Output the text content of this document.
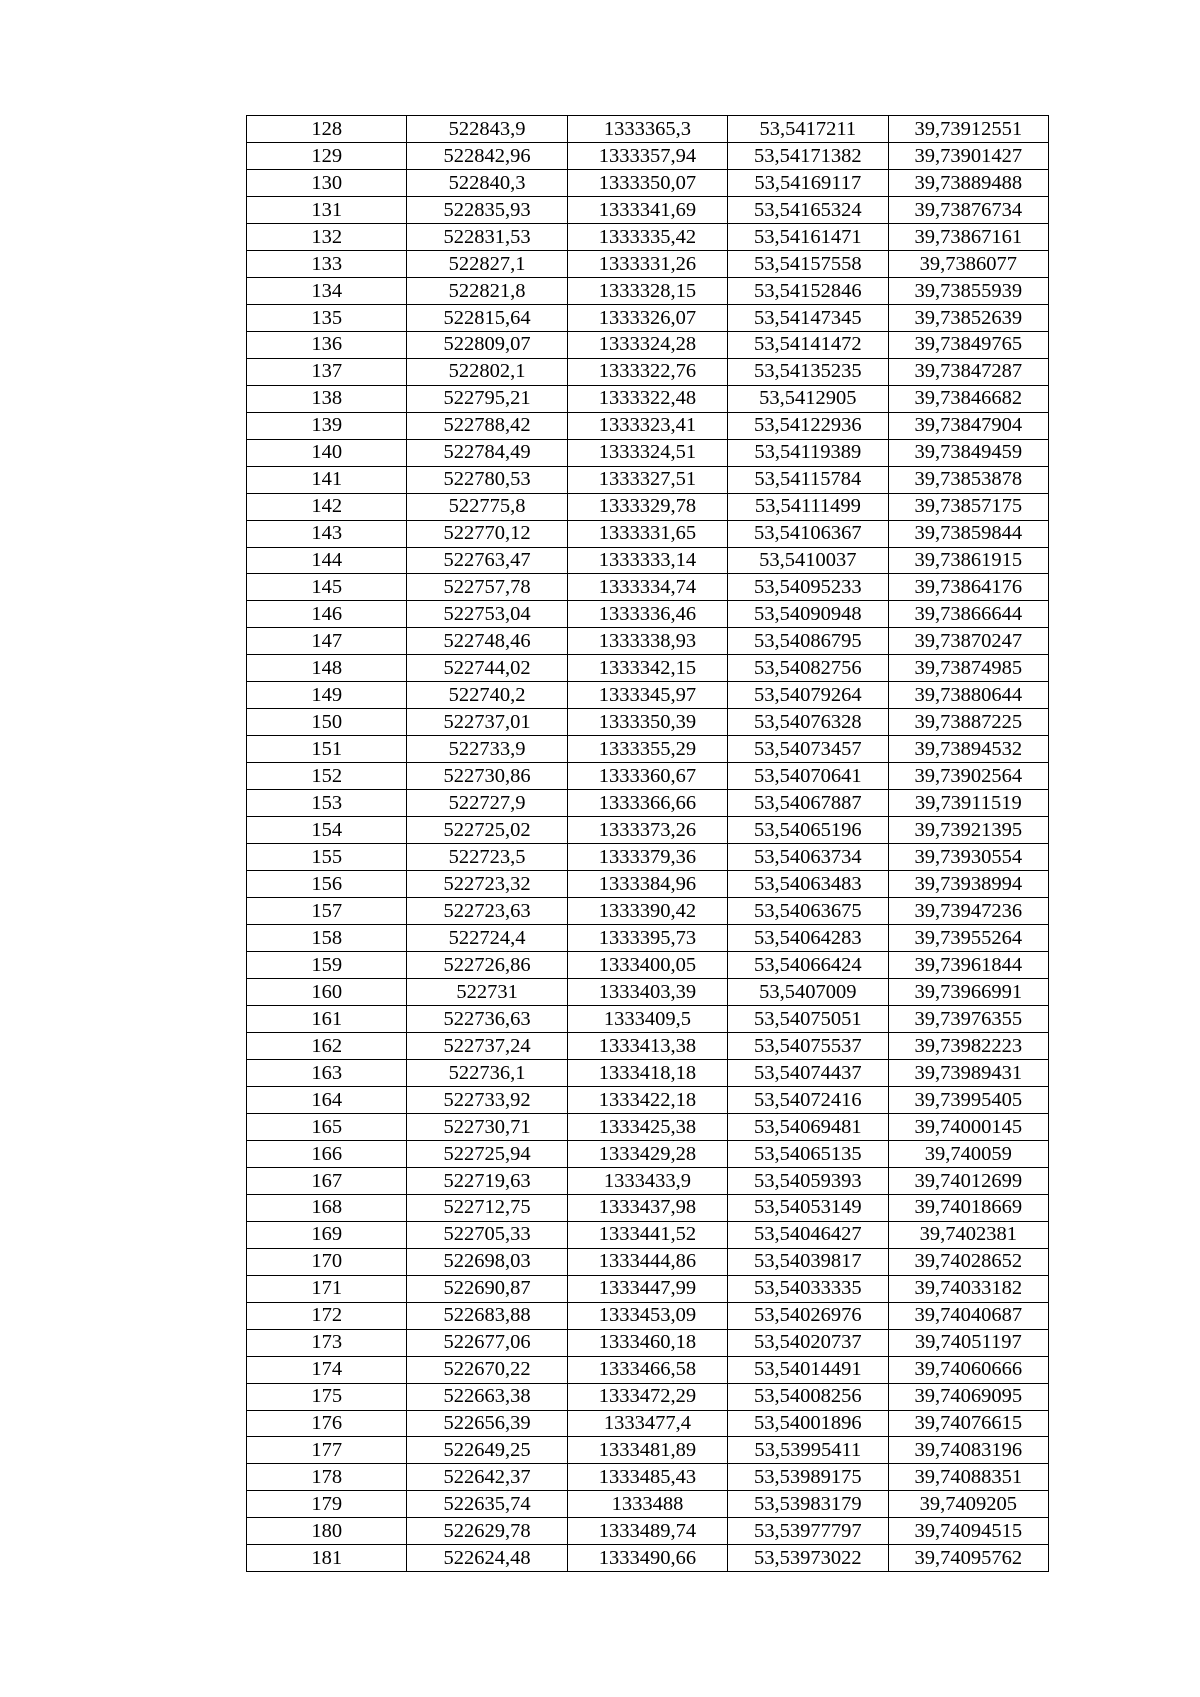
128	522843,9	1333365,3	53,5417211	39,73912551
129	522842,96	1333357,94	53,54171382	39,73901427
130	522840,3	1333350,07	53,54169117	39,73889488
131	522835,93	1333341,69	53,54165324	39,73876734
132	522831,53	1333335,42	53,54161471	39,73867161
133	522827,1	1333331,26	53,54157558	39,7386077
134	522821,8	1333328,15	53,54152846	39,73855939
135	522815,64	1333326,07	53,54147345	39,73852639
136	522809,07	1333324,28	53,54141472	39,73849765
137	522802,1	1333322,76	53,54135235	39,73847287
138	522795,21	1333322,48	53,5412905	39,73846682
139	522788,42	1333323,41	53,54122936	39,73847904
140	522784,49	1333324,51	53,54119389	39,73849459
141	522780,53	1333327,51	53,54115784	39,73853878
142	522775,8	1333329,78	53,54111499	39,73857175
143	522770,12	1333331,65	53,54106367	39,73859844
144	522763,47	1333333,14	53,5410037	39,73861915
145	522757,78	1333334,74	53,54095233	39,73864176
146	522753,04	1333336,46	53,54090948	39,73866644
147	522748,46	1333338,93	53,54086795	39,73870247
148	522744,02	1333342,15	53,54082756	39,73874985
149	522740,2	1333345,97	53,54079264	39,73880644
150	522737,01	1333350,39	53,54076328	39,73887225
151	522733,9	1333355,29	53,54073457	39,73894532
152	522730,86	1333360,67	53,54070641	39,73902564
153	522727,9	1333366,66	53,54067887	39,73911519
154	522725,02	1333373,26	53,54065196	39,73921395
155	522723,5	1333379,36	53,54063734	39,73930554
156	522723,32	1333384,96	53,54063483	39,73938994
157	522723,63	1333390,42	53,54063675	39,73947236
158	522724,4	1333395,73	53,54064283	39,73955264
159	522726,86	1333400,05	53,54066424	39,73961844
160	522731	1333403,39	53,5407009	39,73966991
161	522736,63	1333409,5	53,54075051	39,73976355
162	522737,24	1333413,38	53,54075537	39,73982223
163	522736,1	1333418,18	53,54074437	39,73989431
164	522733,92	1333422,18	53,54072416	39,73995405
165	522730,71	1333425,38	53,54069481	39,74000145
166	522725,94	1333429,28	53,54065135	39,740059
167	522719,63	1333433,9	53,54059393	39,74012699
168	522712,75	1333437,98	53,54053149	39,74018669
169	522705,33	1333441,52	53,54046427	39,7402381
170	522698,03	1333444,86	53,54039817	39,74028652
171	522690,87	1333447,99	53,54033335	39,74033182
172	522683,88	1333453,09	53,54026976	39,74040687
173	522677,06	1333460,18	53,54020737	39,74051197
174	522670,22	1333466,58	53,54014491	39,74060666
175	522663,38	1333472,29	53,54008256	39,74069095
176	522656,39	1333477,4	53,54001896	39,74076615
177	522649,25	1333481,89	53,53995411	39,74083196
178	522642,37	1333485,43	53,53989175	39,74088351
179	522635,74	1333488	53,53983179	39,7409205
180	522629,78	1333489,74	53,53977797	39,74094515
181	522624,48	1333490,66	53,53973022	39,74095762
